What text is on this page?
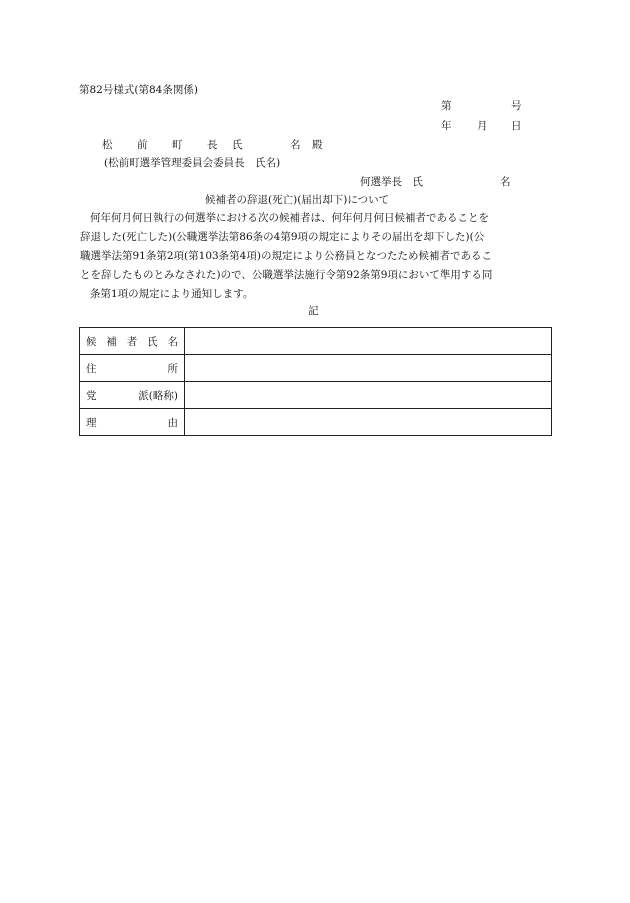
第82号様式(第84条関係)
第	号
年 月 日
松 前 町 長 氏	名 殿
(松前町選挙管理委員会委員長　氏名)
何選挙長　氏	名
候補者の辞退(死亡)(届出却下)について
何年何月何日執行の何選挙における次の候補者は、何年何月何日候補者であることを
辞退した(死亡した)(公職選挙法第86条の4第9項の規定によりその届出を却下した)(公
職選挙法第91条第2項(第103条第4項)の規定により公務員となつたため候補者であるこ
とを辞したものとみなされた)ので、公職選挙法施行令第92条第9項において準用する同
条第1項の規定により通知します。
記
候 補 者 氏 名	

住 所	

党 派(略称)	

理 由	
